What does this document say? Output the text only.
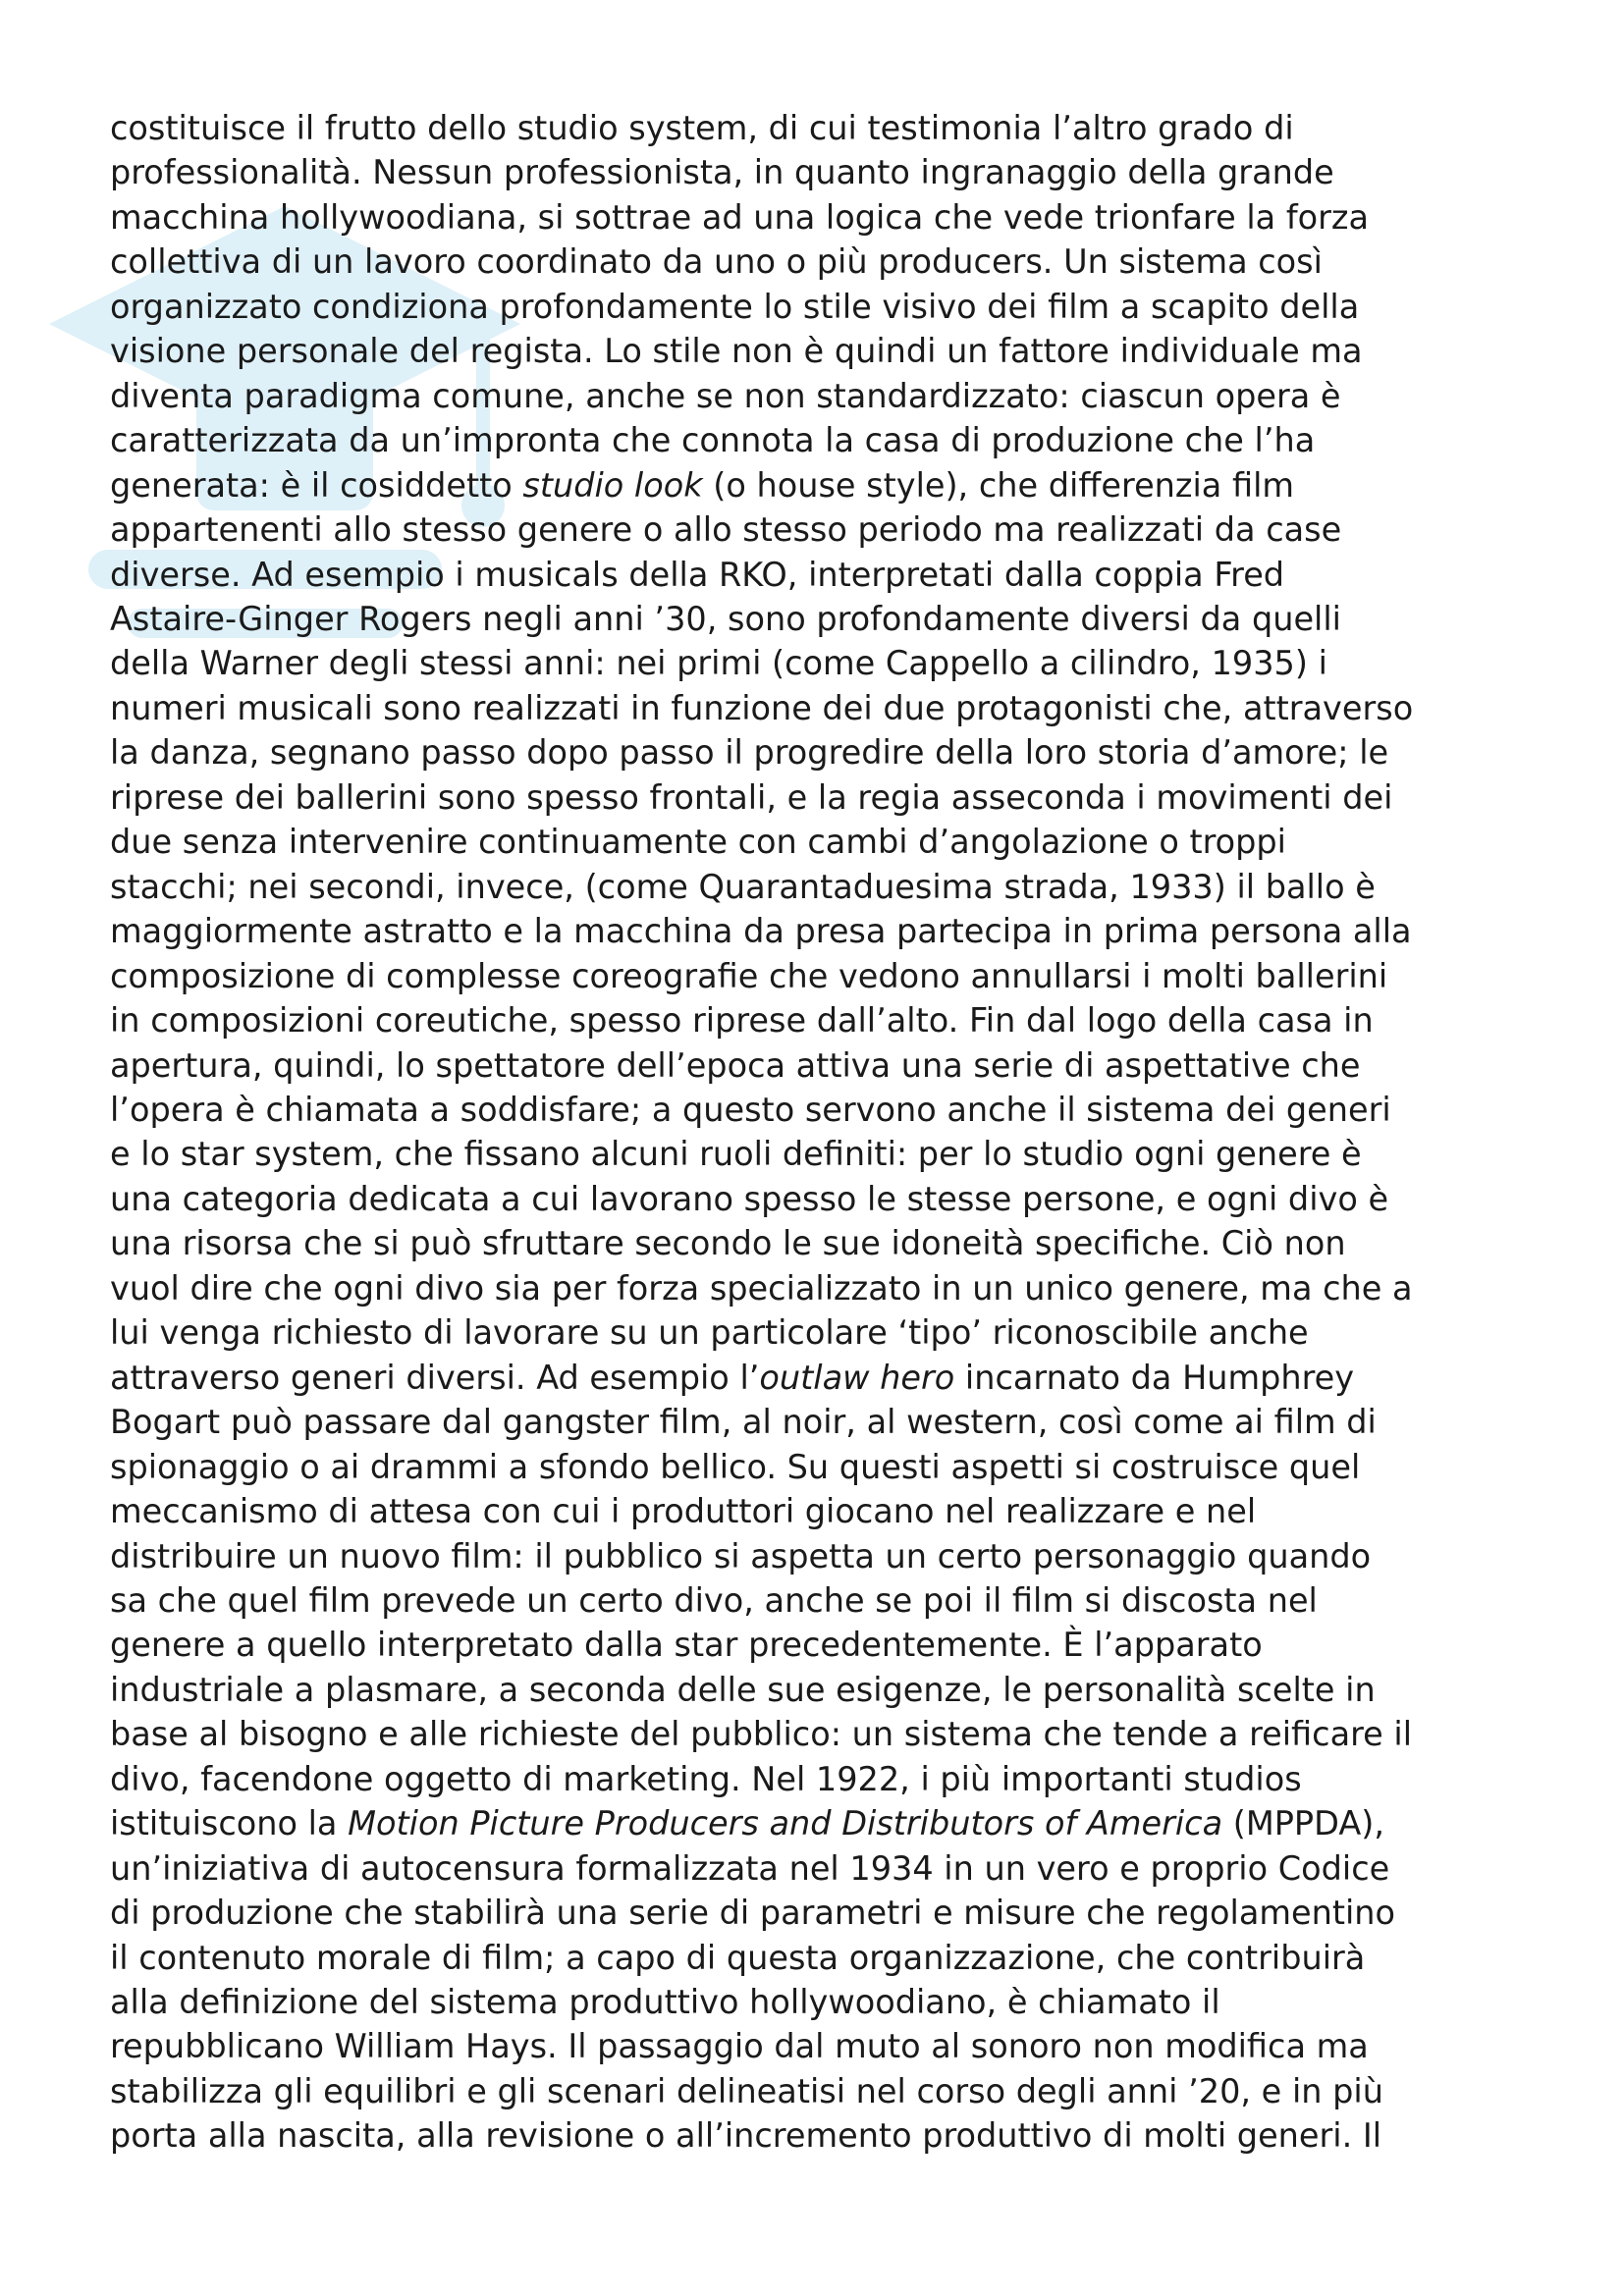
costituisce il frutto dello studio system, di cui testimonia l’altro grado di
professionalità. Nessun professionista, in quanto ingranaggio della grande
macchina hollywoodiana, si sottrae ad una logica che vede trionfare la forza
collettiva di un lavoro coordinato da uno o più producers. Un sistema così
organizzato condiziona profondamente lo stile visivo dei film a scapito della
visione personale del regista. Lo stile non è quindi un fattore individuale ma
diventa paradigma comune, anche se non standardizzato: ciascun opera è
caratterizzata da un’impronta che connota la casa di produzione che l’ha
generata: è il cosiddetto studio look (o house style), che differenzia film
appartenenti allo stesso genere o allo stesso periodo ma realizzati da case
diverse. Ad esempio i musicals della RKO, interpretati dalla coppia Fred
Astaire-Ginger Rogers negli anni ’30, sono profondamente diversi da quelli
della Warner degli stessi anni: nei primi (come Cappello a cilindro, 1935) i
numeri musicali sono realizzati in funzione dei due protagonisti che, attraverso
la danza, segnano passo dopo passo il progredire della loro storia d’amore; le
riprese dei ballerini sono spesso frontali, e la regia asseconda i movimenti dei
due senza intervenire continuamente con cambi d’angolazione o troppi
stacchi; nei secondi, invece, (come Quarantaduesima strada, 1933) il ballo è
maggiormente astratto e la macchina da presa partecipa in prima persona alla
composizione di complesse coreografie che vedono annullarsi i molti ballerini
in composizioni coreutiche, spesso riprese dall’alto. Fin dal logo della casa in
apertura, quindi, lo spettatore dell’epoca attiva una serie di aspettative che
l’opera è chiamata a soddisfare; a questo servono anche il sistema dei generi
e lo star system, che fissano alcuni ruoli definiti: per lo studio ogni genere è
una categoria dedicata a cui lavorano spesso le stesse persone, e ogni divo è
una risorsa che si può sfruttare secondo le sue idoneità specifiche. Ciò non
vuol dire che ogni divo sia per forza specializzato in un unico genere, ma che a
lui venga richiesto di lavorare su un particolare ‘tipo’ riconoscibile anche
attraverso generi diversi. Ad esempio l’outlaw hero incarnato da Humphrey
Bogart può passare dal gangster film, al noir, al western, così come ai film di
spionaggio o ai drammi a sfondo bellico. Su questi aspetti si costruisce quel
meccanismo di attesa con cui i produttori giocano nel realizzare e nel
distribuire un nuovo film: il pubblico si aspetta un certo personaggio quando
sa che quel film prevede un certo divo, anche se poi il film si discosta nel
genere a quello interpretato dalla star precedentemente. È l’apparato
industriale a plasmare, a seconda delle sue esigenze, le personalità scelte in
base al bisogno e alle richieste del pubblico: un sistema che tende a reificare il
divo, facendone oggetto di marketing. Nel 1922, i più importanti studios
istituiscono la Motion Picture Producers and Distributors of America (MPPDA),
un’iniziativa di autocensura formalizzata nel 1934 in un vero e proprio Codice
di produzione che stabilirà una serie di parametri e misure che regolamentino
il contenuto morale di film; a capo di questa organizzazione, che contribuirà
alla definizione del sistema produttivo hollywoodiano, è chiamato il
repubblicano William Hays. Il passaggio dal muto al sonoro non modifica ma
stabilizza gli equilibri e gli scenari delineatisi nel corso degli anni ’20, e in più
porta alla nascita, alla revisione o all’incremento produttivo di molti generi. Il
